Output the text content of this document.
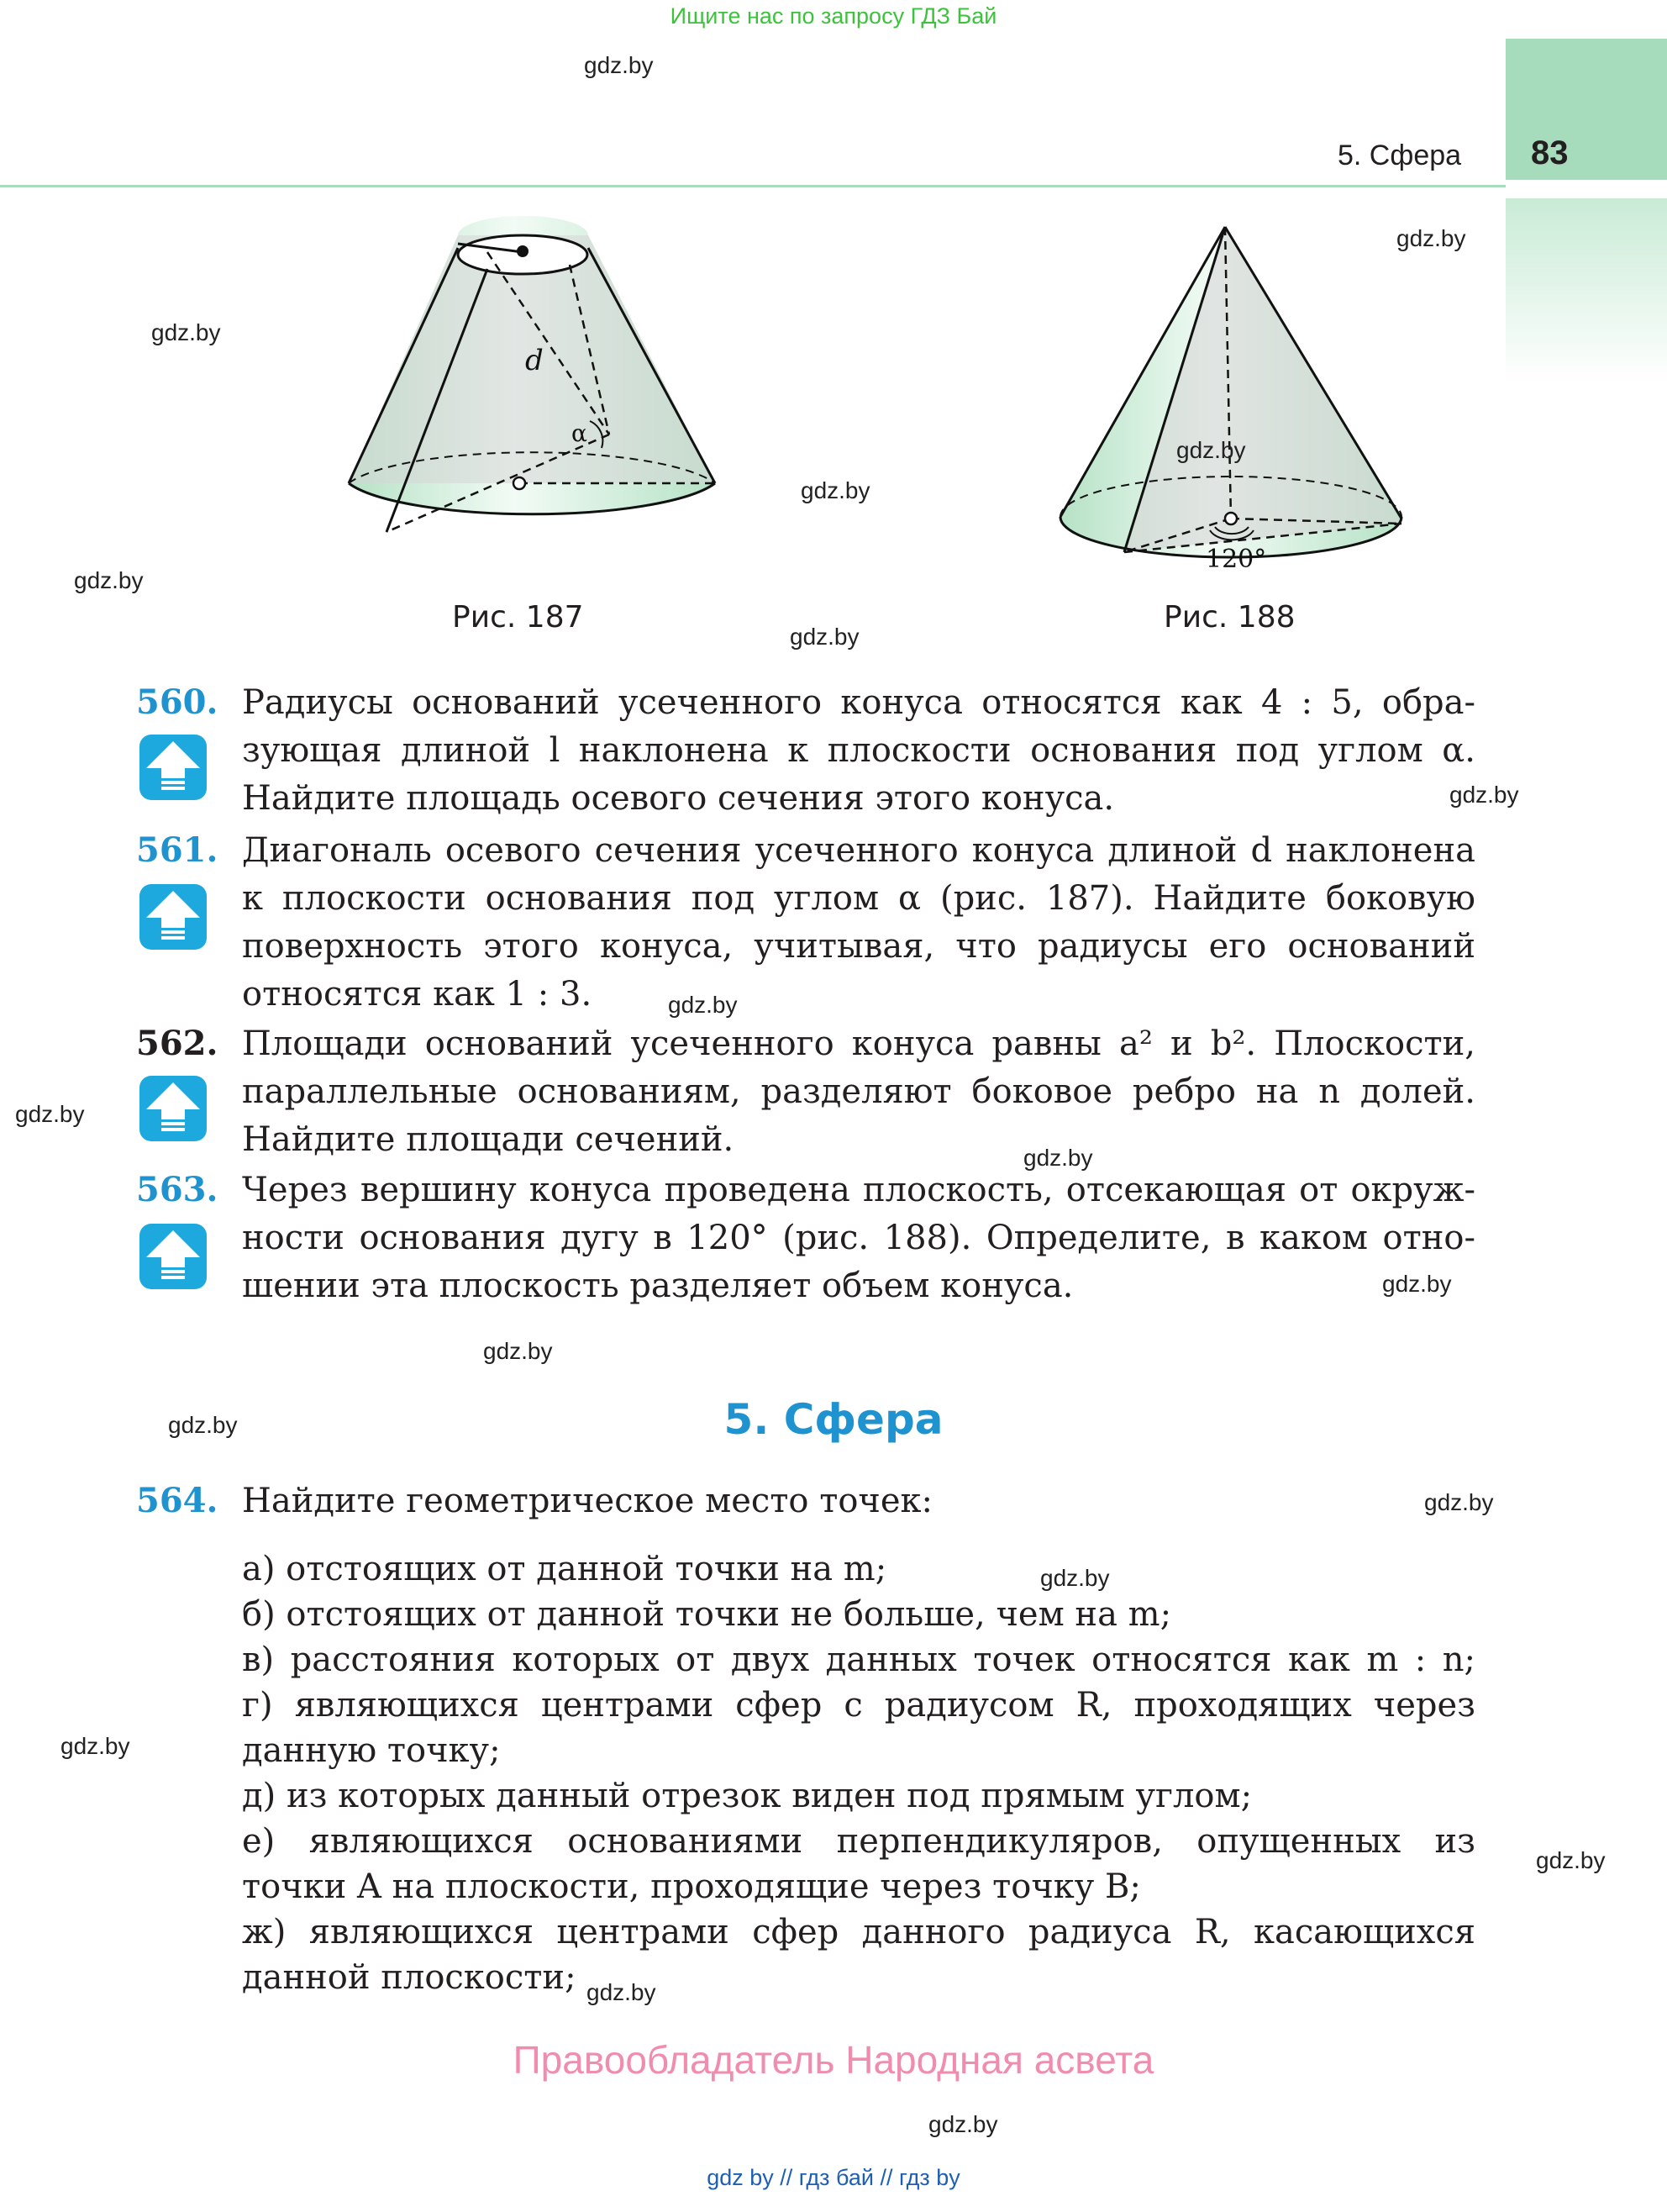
Ищите нас по запросу ГДЗ Бай
5. Сфера 83
d
α
Рис. 187
120°
Рис. 188
560. Радиусы оснований усеченного конуса относятся как 4 : 5, обра-
зующая длиной l наклонена к плоскости основания под углом α.
Найдите площадь осевого сечения этого конуса.
561. Диагональ осевого сечения усеченного конуса длиной d наклонена
к плоскости основания под углом α (рис. 187). Найдите боковую
поверхность этого конуса, учитывая, что радиусы его оснований
относятся как 1 : 3.
562. Площади оснований усеченного конуса равны a² и b². Плоскости,
параллельные основаниям, разделяют боковое ребро на n долей.
Найдите площади сечений.
563. Через вершину конуса проведена плоскость, отсекающая от окруж-
ности основания дугу в 120° (рис. 188). Определите, в каком отно-
шении эта плоскость разделяет объем конуса.
5. Сфера
564. Найдите геометрическое место точек:
а) отстоящих от данной точки на m;
б) отстоящих от данной точки не больше, чем на m;
в) расстояния которых от двух данных точек относятся как m : n;
г) являющихся центрами сфер с радиусом R, проходящих через
данную точку;
д) из которых данный отрезок виден под прямым углом;
е) являющихся основаниями перпендикуляров, опущенных из
точки A на плоскости, проходящие через точку B;
ж) являющихся центрами сфер данного радиуса R, касающихся
данной плоскости;
gdz.by
gdz.by
gdz.by
gdz.by
gdz.by
gdz.by
gdz.by
gdz.by
gdz.by
gdz.by
gdz.by
gdz.by
gdz.by
gdz.by
gdz.by
gdz.by
gdz.by
gdz.by
gdz.by
gdz.by
Правообладатель Народная асвета
gdz by // гдз бай // гдз by
